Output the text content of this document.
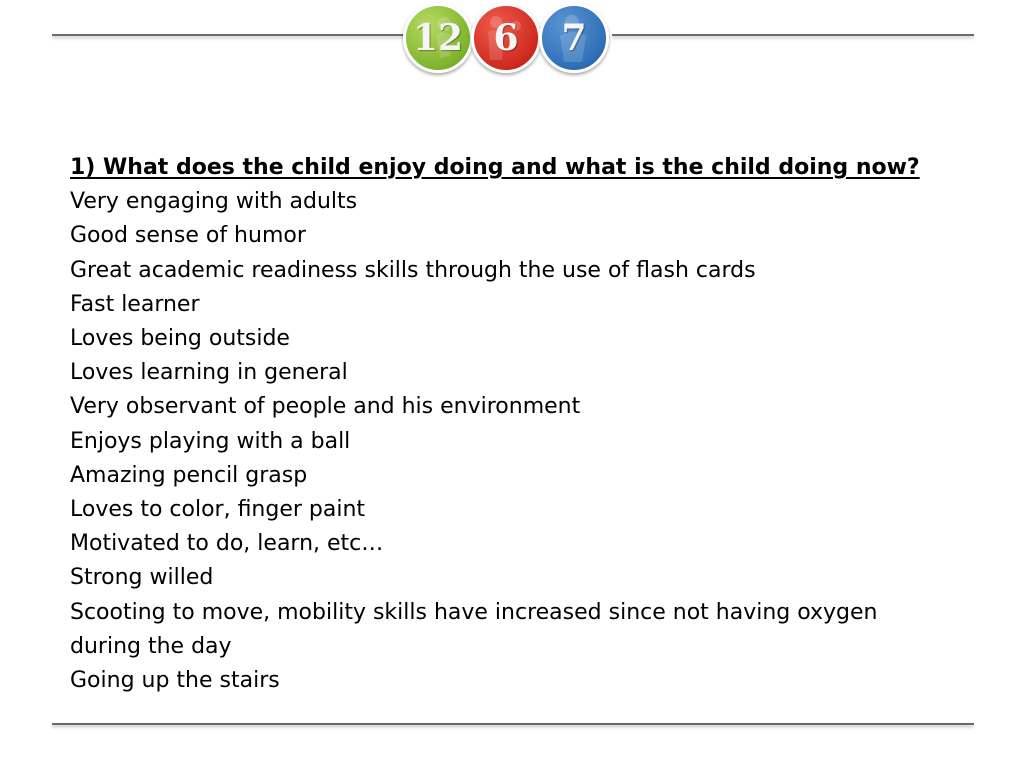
12 6	7
1) What does the child enjoy doing and what is the child doing now?
Very engaging with adults
Good sense of humor
Great academic readiness skills through the use of flash cards
Fast learner
Loves being outside
Loves learning in general
Very observant of people and his environment
Enjoys playing with a ball
Amazing pencil grasp
Loves to color, finger paint
Motivated to do, learn, etc…
Strong willed
Scooting to move, mobility skills have increased since not having oxygen
during the day
Going up the stairs
